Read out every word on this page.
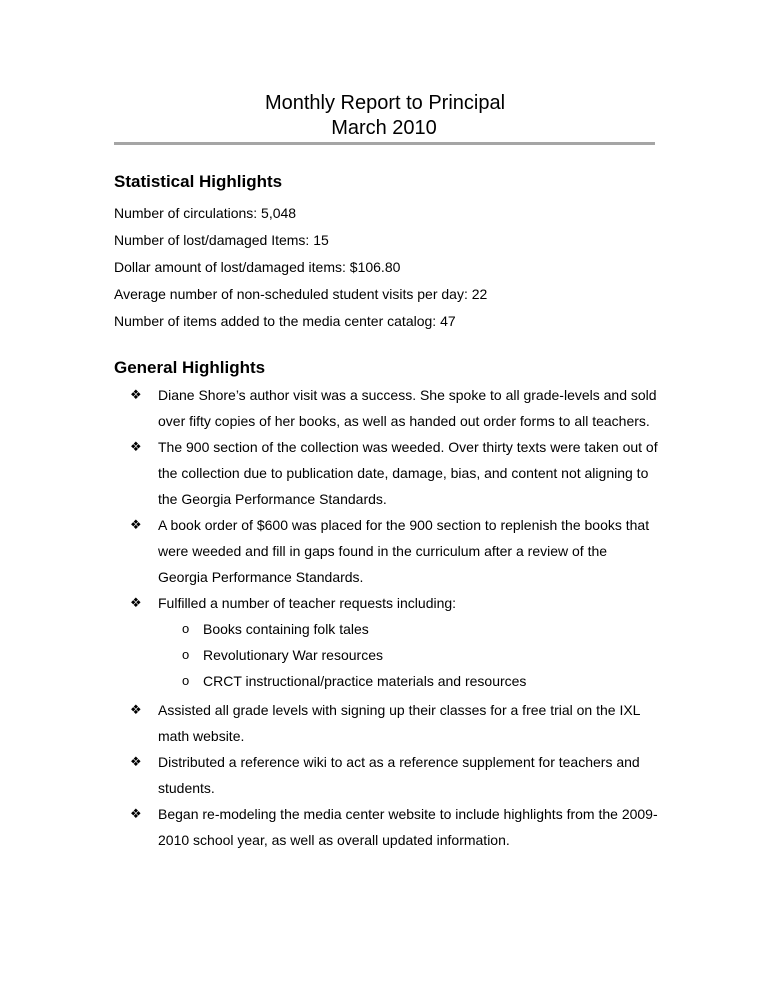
Monthly Report to Principal
March 2010
Statistical Highlights
Number of circulations: 5,048
Number of lost/damaged Items: 15
Dollar amount of lost/damaged items: $106.80
Average number of non-scheduled student visits per day: 22
Number of items added to the media center catalog: 47
General Highlights
❖ Diane Shore’s author visit was a success. She spoke to all grade-levels and sold over fifty copies of her books, as well as handed out order forms to all teachers.
❖ The 900 section of the collection was weeded. Over thirty texts were taken out of the collection due to publication date, damage, bias, and content not aligning to the Georgia Performance Standards.
❖ A book order of $600 was placed for the 900 section to replenish the books that were weeded and fill in gaps found in the curriculum after a review of the Georgia Performance Standards.
❖ Fulfilled a number of teacher requests including:
o Books containing folk tales
o Revolutionary War resources
o CRCT instructional/practice materials and resources
❖ Assisted all grade levels with signing up their classes for a free trial on the IXL math website.
❖ Distributed a reference wiki to act as a reference supplement for teachers and students.
❖ Began re-modeling the media center website to include highlights from the 2009-2010 school year, as well as overall updated information.
